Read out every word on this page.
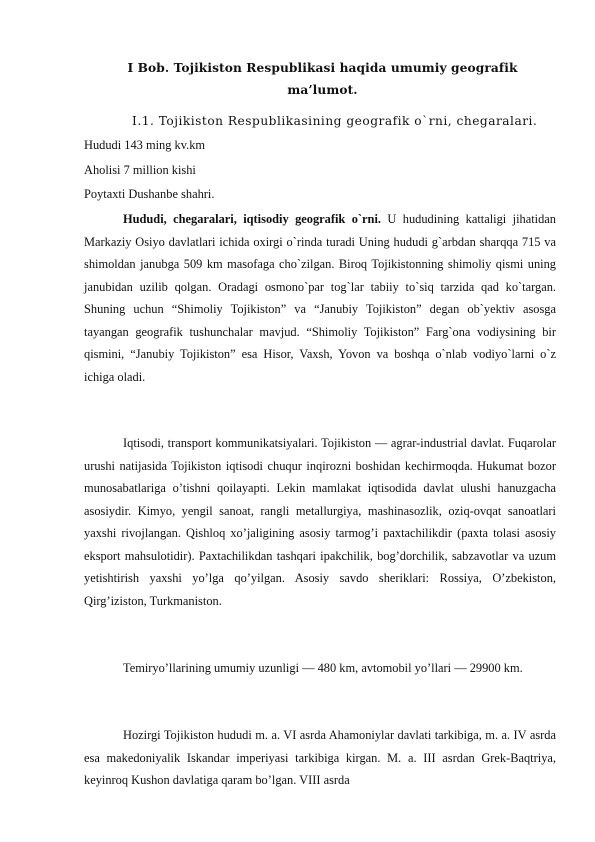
I Bob. Tojikiston Respublikasi haqida umumiy geografik ma’lumot.
I.1. Tojikiston Respublikasining geografik o`rni, chegaralari.
Hududi 143 ming kv.km
Aholisi 7 million kishi
Poytaxti Dushanbe shahri.

Hududi, chegaralari, iqtisodiy geografik o`rni. U hududining kattaligi jihatidan Markaziy Osiyo davlatlari ichida oxirgi o`rinda turadi Uning hududi g`arbdan sharqqa 715 va shimoldan janubga 509 km masofaga cho`zilgan. Biroq Tojikistonning shimoliy qismi uning janubidan uzilib qolgan. Oradagi osmono`par tog`lar tabiiy to`siq tarzida qad ko`targan. Shuning uchun “Shimoliy Tojikiston” va “Janubiy Tojikiston” degan ob`yektiv asosga tayangan geografik tushunchalar mavjud. “Shimoliy Tojikiston” Farg`ona vodiysining bir qismini, “Janubiy Tojikiston” esa Hisor, Vaxsh, Yovon va boshqa o`nlab vodiyo`larni o`z ichiga oladi.

Iqtisodi, transport kommunikatsiyalari. Tojikiston — agrar-industrial davlat. Fuqarolar urushi natijasida Tojikiston iqtisodi chuqur inqirozni boshidan kechirmoqda. Hukumat bozor munosabatlariga o’tishni qoilayapti. Lekin mamlakat iqtisodida davlat ulushi hanuzgacha asosiydir. Kimyo, yengil sanoat, rangli metallurgiya, mashinasozlik, oziq-ovqat sanoatlari yaxshi rivojlangan. Qishloq xo’jaligining asosiy tarmog’i paxtachilikdir (paxta tolasi asosiy eksport mahsulotidir). Paxtachilikdan tashqari ipakchilik, bog’dorchilik, sabzavotlar va uzum yetishtirish yaxshi yo’lga qo’yilgan. Asosiy savdo sheriklari: Rossiya, O’zbekiston, Qirg’iziston, Turkmaniston.

Temiryo’llarining umumiy uzunligi — 480 km, avtomobil yo’llari — 29900 km.

Hozirgi Tojikiston hududi m. a. VI asrda Ahamoniylar davlati tarkibiga, m. a. IV asrda esa makedoniyalik Iskandar imperiyasi tarkibiga kirgan. M. a. III asrdan Grek-Baqtriya, keyinroq Kushon davlatiga qaram bo’lgan. VIII asrda
